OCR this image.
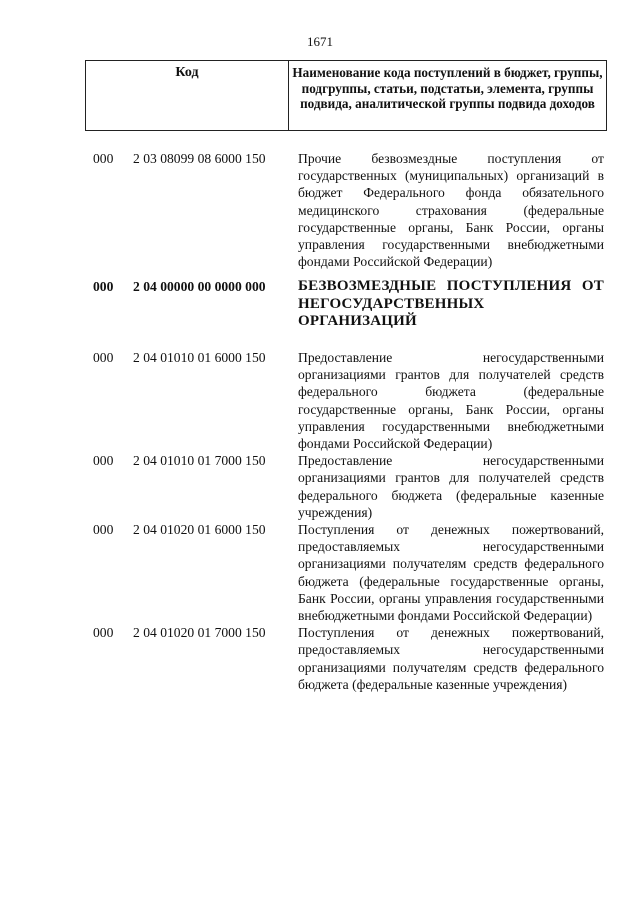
1671
Код	Наименование кода поступлений в бюджет, группы, подгруппы, статьи, подстатьи, элемента, группы подвида, аналитической группы подвида доходов
000	2 03 08099 08 6000 150	Прочие безвозмездные поступления от государственных (муниципальных) организаций в бюджет Федерального фонда обязательного медицинского страхования (федеральные государственные органы, Банк России, органы управления государственными внебюджетными фондами Российской Федерации)
000	2 04 00000 00 0000 000	БЕЗВОЗМЕЗДНЫЕ ПОСТУПЛЕНИЯ ОТ НЕГОСУДАРСТВЕННЫХ ОРГАНИЗАЦИЙ
000	2 04 01010 01 6000 150	Предоставление негосударственными организациями грантов для получателей средств федерального бюджета (федеральные государственные органы, Банк России, органы управления государственными внебюджетными фондами Российской Федерации)
000	2 04 01010 01 7000 150	Предоставление негосударственными организациями грантов для получателей средств федерального бюджета (федеральные казенные учреждения)
000	2 04 01020 01 6000 150	Поступления от денежных пожертвований, предоставляемых негосударственными организациями получателям средств федерального бюджета (федеральные государственные органы, Банк России, органы управления государственными внебюджетными фондами Российской Федерации)
000	2 04 01020 01 7000 150	Поступления от денежных пожертвований, предоставляемых негосударственными организациями получателям средств федерального бюджета (федеральные казенные учреждения)
